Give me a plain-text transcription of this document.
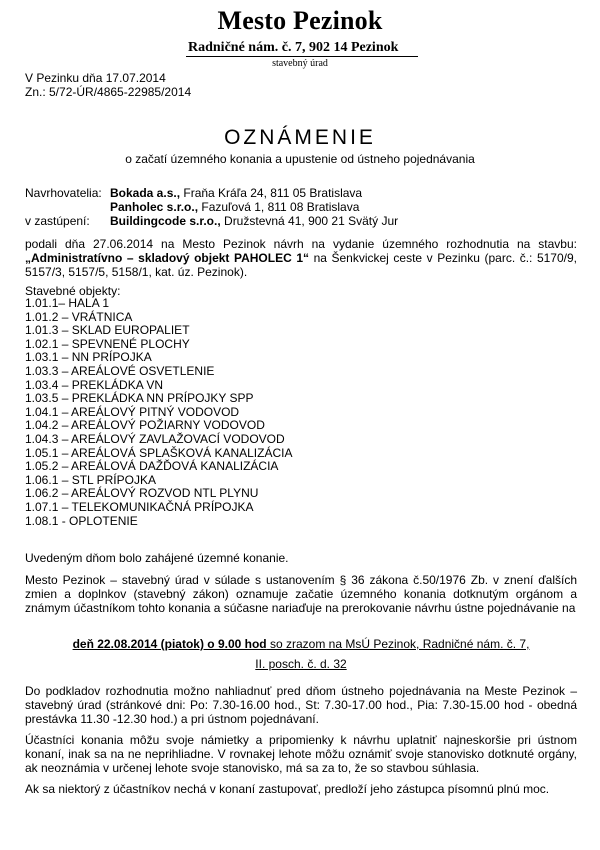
Mesto Pezinok
Radničné nám. č. 7, 902 14 Pezinok
stavebný úrad
V Pezinku dňa 17.07.2014
Zn.: 5/72-ÚR/4865-22985/2014
OZNÁMENIE
o začatí územného konania a upustenie od ústneho pojednávania
Navrhovatelia: Bokada a.s., Fraňa Kráľa 24, 811 05 Bratislava
Panholec s.r.o., Fazuľová 1, 811 08 Bratislava
v zastúpení: Buildingcode s.r.o., Družstevná 41, 900 21 Svätý Jur
podali dňa 27.06.2014 na Mesto Pezinok návrh na vydanie územného rozhodnutia na stavbu: „Administratívno – skladový objekt PAHOLEC 1“ na Šenkvickej ceste v Pezinku (parc. č.: 5170/9, 5157/3, 5157/5, 5158/1, kat. úz. Pezinok).
Stavebné objekty:
1.01.1– HALA 1
1.01.2 – VRÁTNICA
1.01.3 – SKLAD EUROPALIET
1.02.1 – SPEVNENÉ PLOCHY
1.03.1 – NN PRÍPOJKA
1.03.3 – AREÁLOVÉ OSVETLENIE
1.03.4 – PREKLÁDKA VN
1.03.5 – PREKLÁDKA NN PRÍPOJKY SPP
1.04.1 – AREÁLOVÝ PITNÝ VODOVOD
1.04.2 – AREÁLOVÝ POŽIARNY VODOVOD
1.04.3 – AREÁLOVÝ ZAVLAŽOVACÍ VODOVOD
1.05.1 – AREÁLOVÁ SPLAŠKOVÁ KANALIZÁCIA
1.05.2 – AREÁLOVÁ DAŽĎOVÁ KANALIZÁCIA
1.06.1 – STL PRÍPOJKA
1.06.2 – AREÁLOVÝ ROZVOD NTL PLYNU
1.07.1 – TELEKOMUNIKAČNÁ PRÍPOJKA
1.08.1 - OPLOTENIE
Uvedeným dňom bolo zahájené územné konanie.
Mesto Pezinok – stavebný úrad v súlade s ustanovením § 36 zákona č.50/1976 Zb. v znení ďalších zmien a doplnkov (stavebný zákon) oznamuje začatie územného konania dotknutým orgánom a známym účastníkom tohto konania a súčasne nariaďuje na prerokovanie návrhu ústne pojednávanie na
deň 22.08.2014 (piatok) o 9.00 hod so zrazom na MsÚ Pezinok, Radničné nám. č. 7,
II. posch. č. d. 32
Do podkladov rozhodnutia možno nahliadnuť pred dňom ústneho pojednávania na Meste Pezinok – stavebný úrad (stránkové dni: Po: 7.30-16.00 hod., St: 7.30-17.00 hod., Pia: 7.30-15.00 hod - obedná prestávka 11.30 -12.30 hod.) a pri ústnom pojednávaní.
Účastníci konania môžu svoje námietky a pripomienky k návrhu uplatniť najneskoršie pri ústnom konaní, inak sa na ne neprihliadne. V rovnakej lehote môžu oznámiť svoje stanovisko dotknuté orgány, ak neoznámia v určenej lehote svoje stanovisko, má sa za to, že so stavbou súhlasia.
Ak sa niektorý z účastníkov nechá v konaní zastupovať, predloží jeho zástupca písomnú plnú moc.
